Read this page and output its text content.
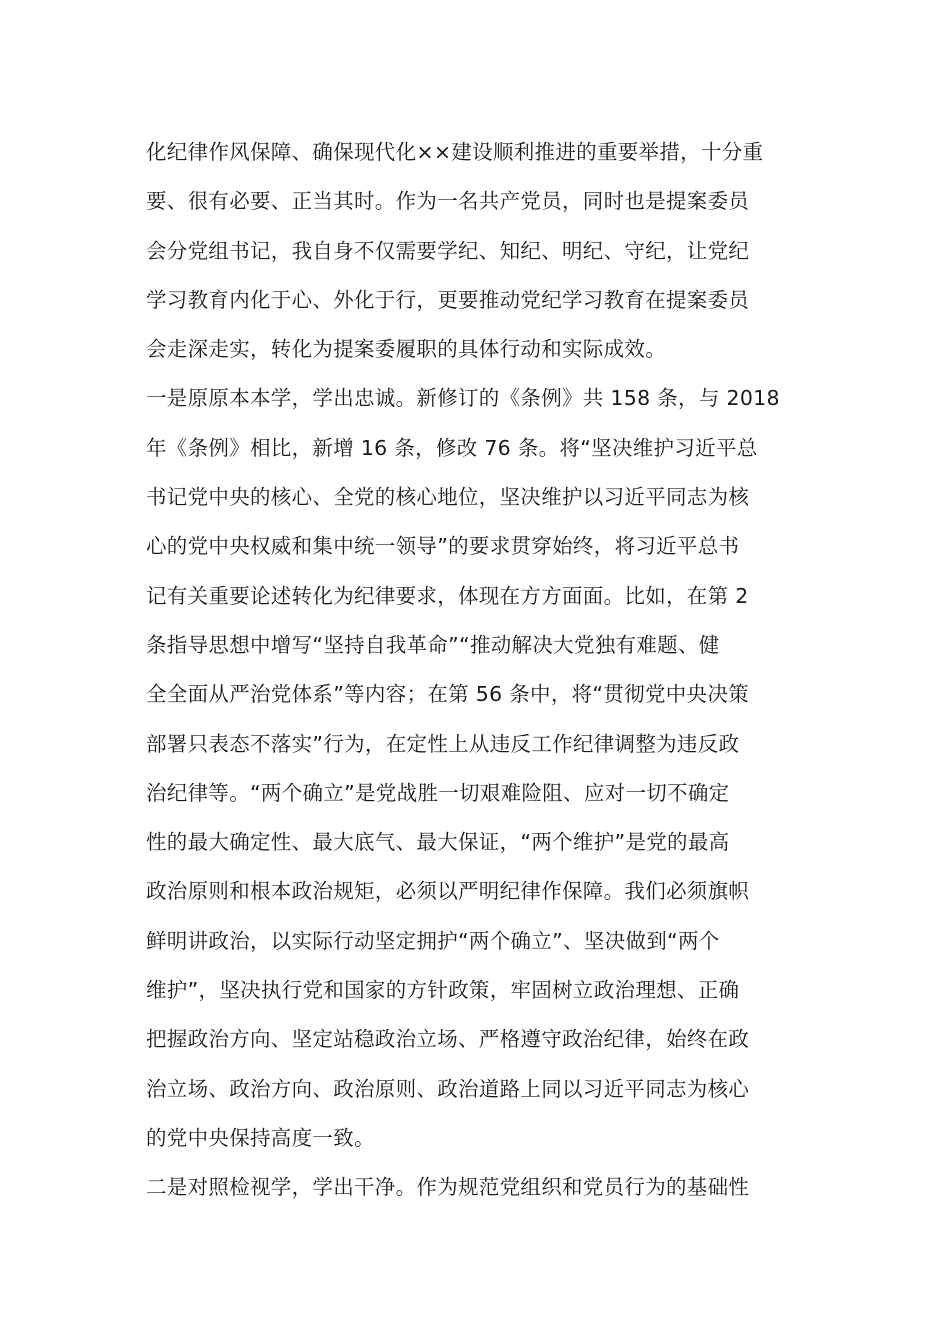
化纪律作风保障、确保现代化××建设顺利推进的重要举措，十分重
要、很有必要、正当其时。作为一名共产党员，同时也是提案委员
会分党组书记，我自身不仅需要学纪、知纪、明纪、守纪，让党纪
学习教育内化于心、外化于行，更要推动党纪学习教育在提案委员
会走深走实，转化为提案委履职的具体行动和实际成效。
一是原原本本学，学出忠诚。新修订的《条例》共 158 条，与 2018
年《条例》相比，新增 16 条，修改 76 条。将“坚决维护习近平总
书记党中央的核心、全党的核心地位，坚决维护以习近平同志为核
心的党中央权威和集中统一领导”的要求贯穿始终，将习近平总书
记有关重要论述转化为纪律要求，体现在方方面面。比如，在第 2
条指导思想中增写“坚持自我革命”“推动解决大党独有难题、健
全全面从严治党体系”等内容；在第 56 条中，将“贯彻党中央决策
部署只表态不落实”行为，在定性上从违反工作纪律调整为违反政
治纪律等。“两个确立”是党战胜一切艰难险阻、应对一切不确定
性的最大确定性、最大底气、最大保证，“两个维护”是党的最高
政治原则和根本政治规矩，必须以严明纪律作保障。我们必须旗帜
鲜明讲政治，以实际行动坚定拥护“两个确立”、坚决做到“两个
维护”，坚决执行党和国家的方针政策，牢固树立政治理想、正确
把握政治方向、坚定站稳政治立场、严格遵守政治纪律，始终在政
治立场、政治方向、政治原则、政治道路上同以习近平同志为核心
的党中央保持高度一致。
二是对照检视学，学出干净。作为规范党组织和党员行为的基础性
